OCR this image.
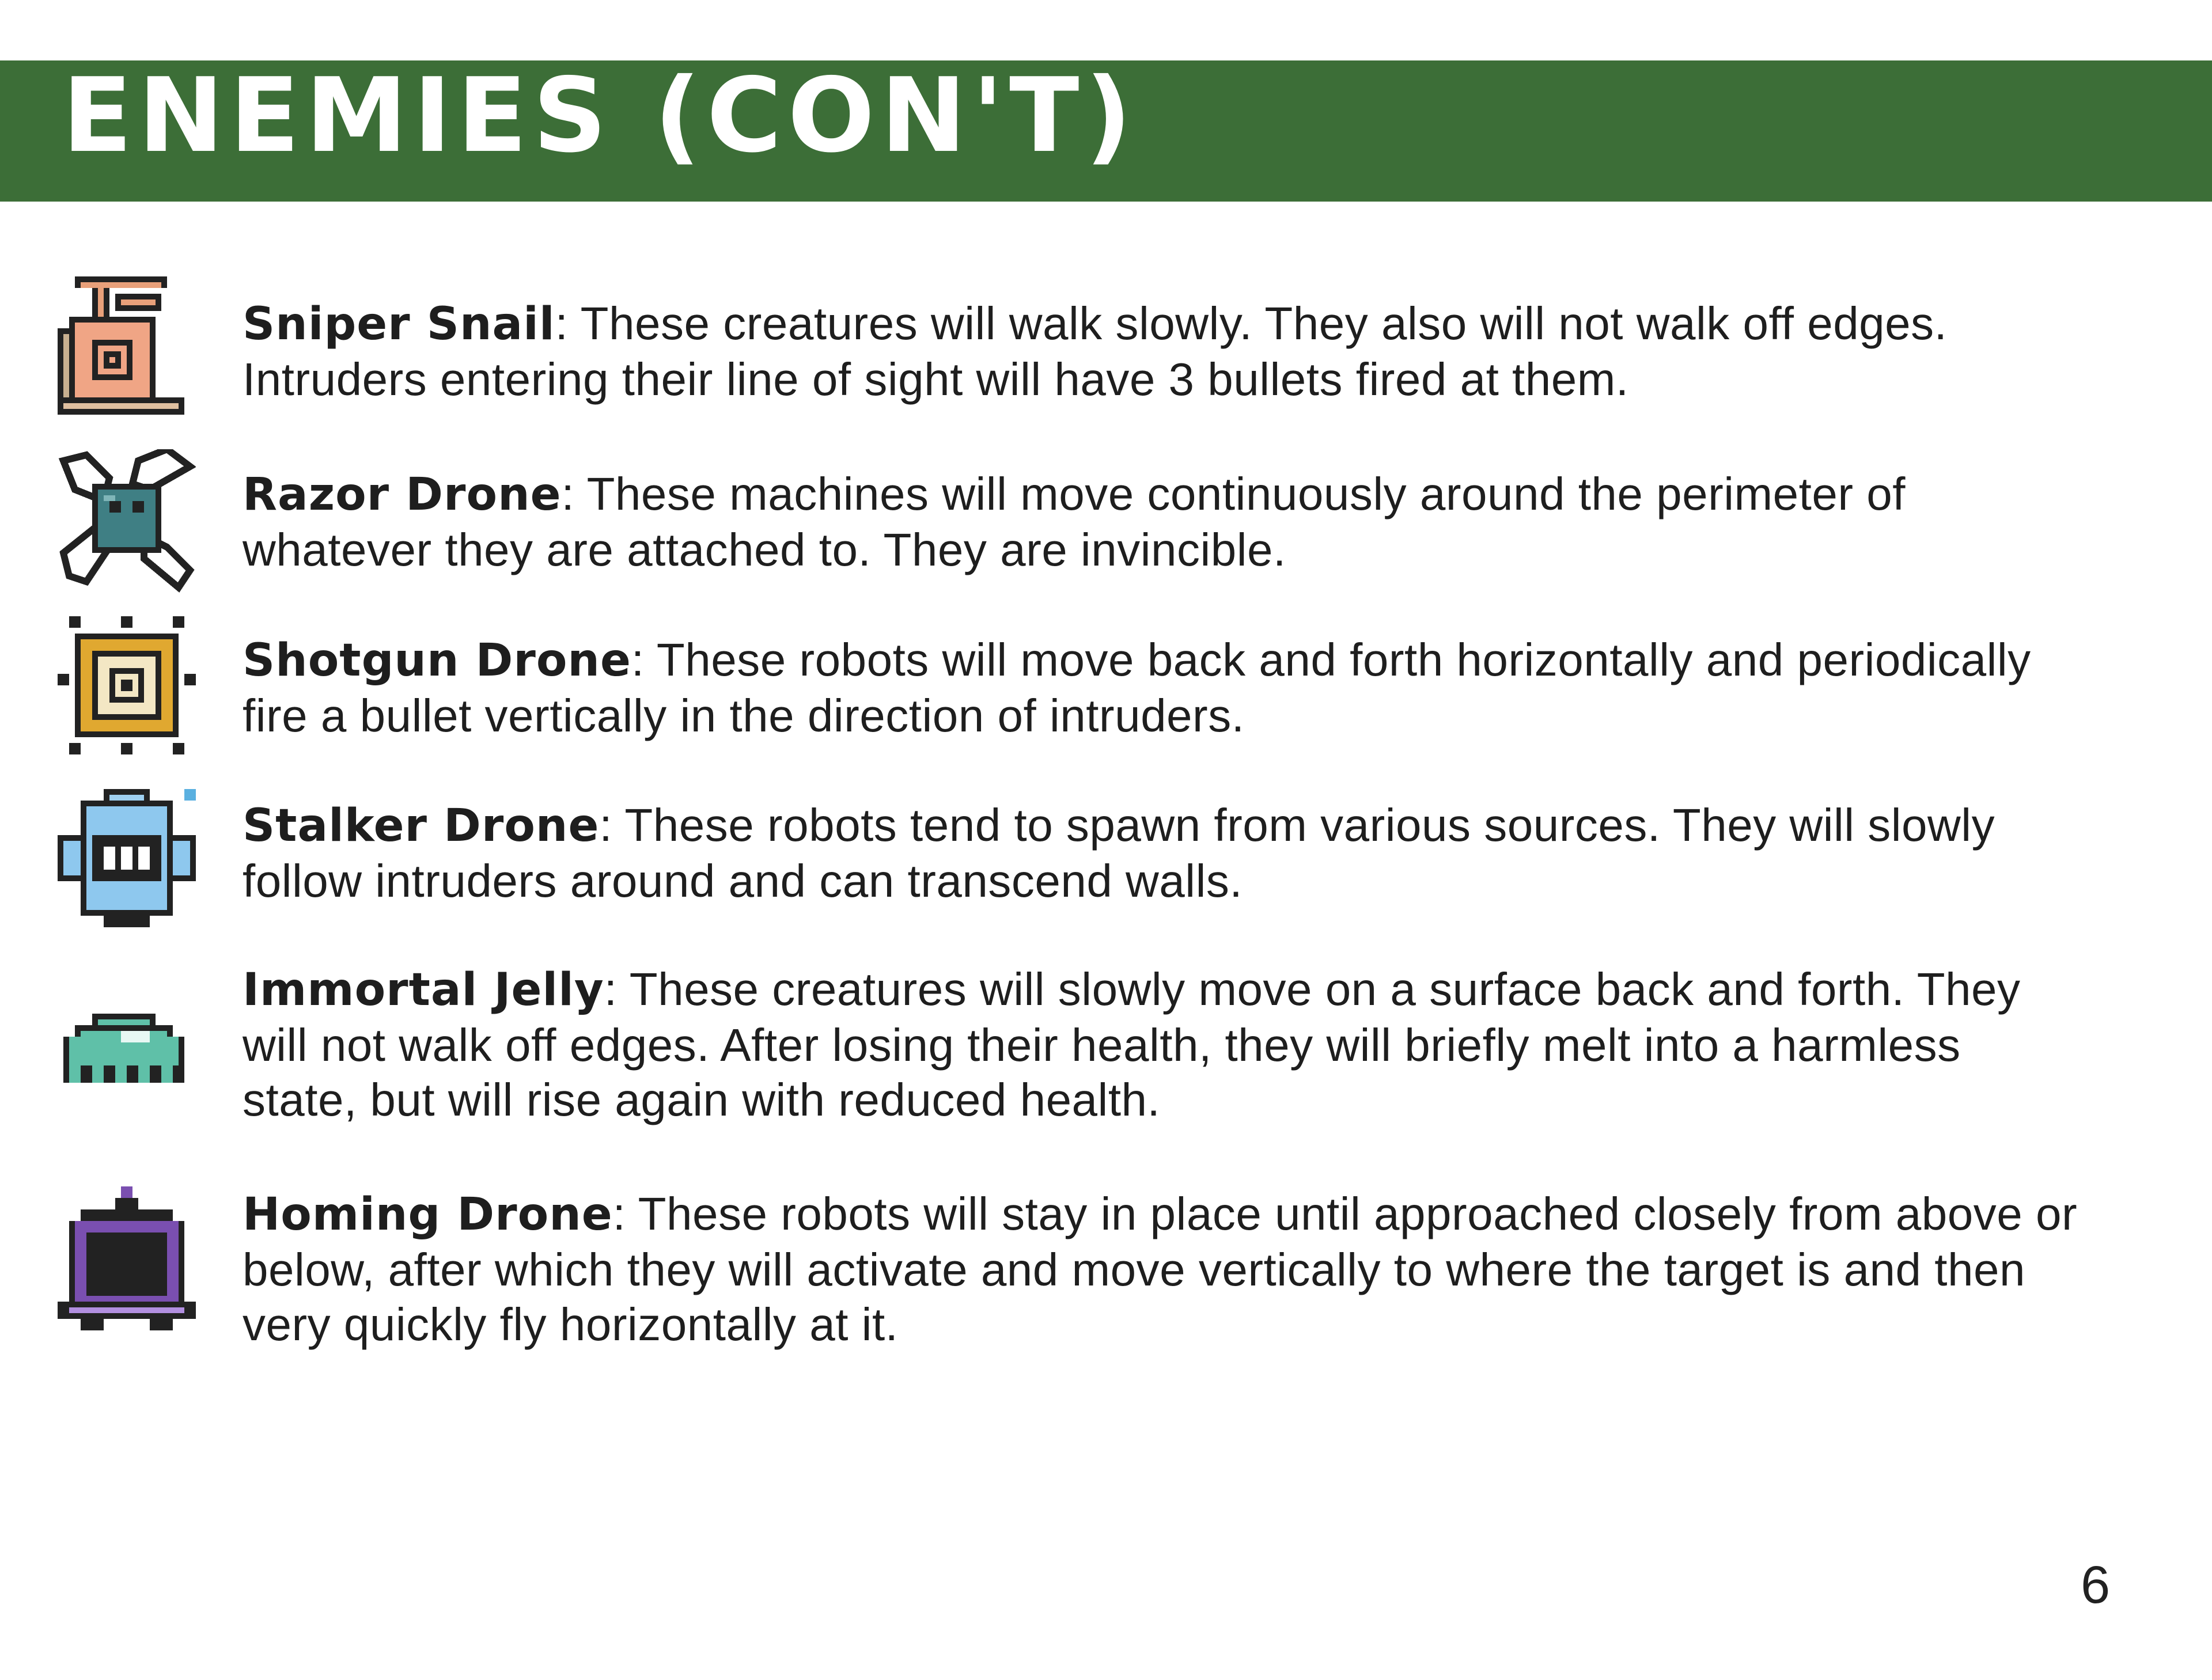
ENEMIES (CON'T)
Sniper Snail: These creatures will walk slowly. They also will not walk off edges. Intruders entering their line of sight will have 3 bullets fired at them.
Razor Drone: These machines will move continuously around the perimeter of whatever they are attached to. They are invincible.
Shotgun Drone: These robots will move back and forth horizontally and periodically fire a bullet vertically in the direction of intruders.
Stalker Drone: These robots tend to spawn from various sources. They will slowly follow intruders around and can transcend walls.
Immortal Jelly: These creatures will slowly move on a surface back and forth. They will not walk off edges. After losing their health, they will briefly melt into a harmless state, but will rise again with reduced health.
Homing Drone: These robots will stay in place until approached closely from above or below, after which they will activate and move vertically to where the target is and then very quickly fly horizontally at it.
6
